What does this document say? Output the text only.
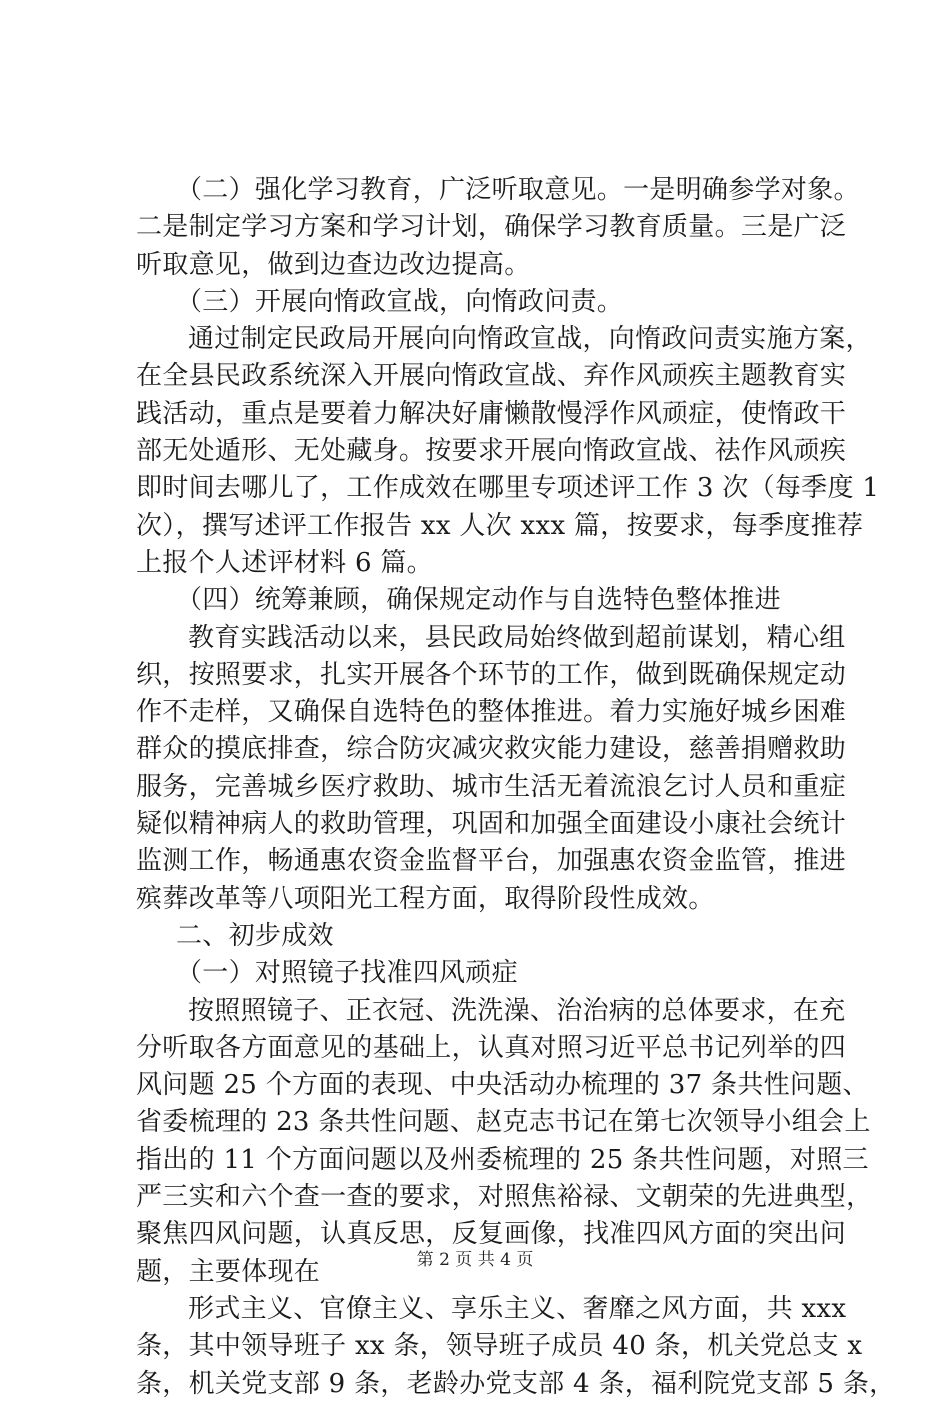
（二）强化学习教育，广泛听取意见。一是明确参学对象。
二是制定学习方案和学习计划，确保学习教育质量。三是广泛
听取意见，做到边查边改边提高。
（三）开展向惰政宣战，向惰政问责。
通过制定民政局开展向向惰政宣战，向惰政问责实施方案，
在全县民政系统深入开展向惰政宣战、弃作风顽疾主题教育实
践活动，重点是要着力解决好庸懒散慢浮作风顽症，使惰政干
部无处遁形、无处藏身。按要求开展向惰政宣战、祛作风顽疾
即时间去哪儿了，工作成效在哪里专项述评工作 3 次（每季度 1
次），撰写述评工作报告 xx 人次 xxx 篇，按要求，每季度推荐
上报个人述评材料 6 篇。
（四）统筹兼顾，确保规定动作与自选特色整体推进
教育实践活动以来，县民政局始终做到超前谋划，精心组
织，按照要求，扎实开展各个环节的工作，做到既确保规定动
作不走样，又确保自选特色的整体推进。着力实施好城乡困难
群众的摸底排查，综合防灾减灾救灾能力建设，慈善捐赠救助
服务，完善城乡医疗救助、城市生活无着流浪乞讨人员和重症
疑似精神病人的救助管理，巩固和加强全面建设小康社会统计
监测工作，畅通惠农资金监督平台，加强惠农资金监管，推进
殡葬改革等八项阳光工程方面，取得阶段性成效。
二、初步成效
（一）对照镜子找准四风顽症
按照照镜子、正衣冠、洗洗澡、治治病的总体要求，在充
分听取各方面意见的基础上，认真对照习近平总书记列举的四
风问题 25 个方面的表现、中央活动办梳理的 37 条共性问题、
省委梳理的 23 条共性问题、赵克志书记在第七次领导小组会上
指出的 11 个方面问题以及州委梳理的 25 条共性问题，对照三
严三实和六个查一查的要求，对照焦裕禄、文朝荣的先进典型，
聚焦四风问题，认真反思，反复画像，找准四风方面的突出问
题，主要体现在
形式主义、官僚主义、享乐主义、奢靡之风方面，共 xxx
条，其中领导班子 xx 条，领导班子成员 40 条，机关党总支 x
条，机关党支部 9 条，老龄办党支部 4 条，福利院党支部 5 条，
第 2 页 共 4 页
